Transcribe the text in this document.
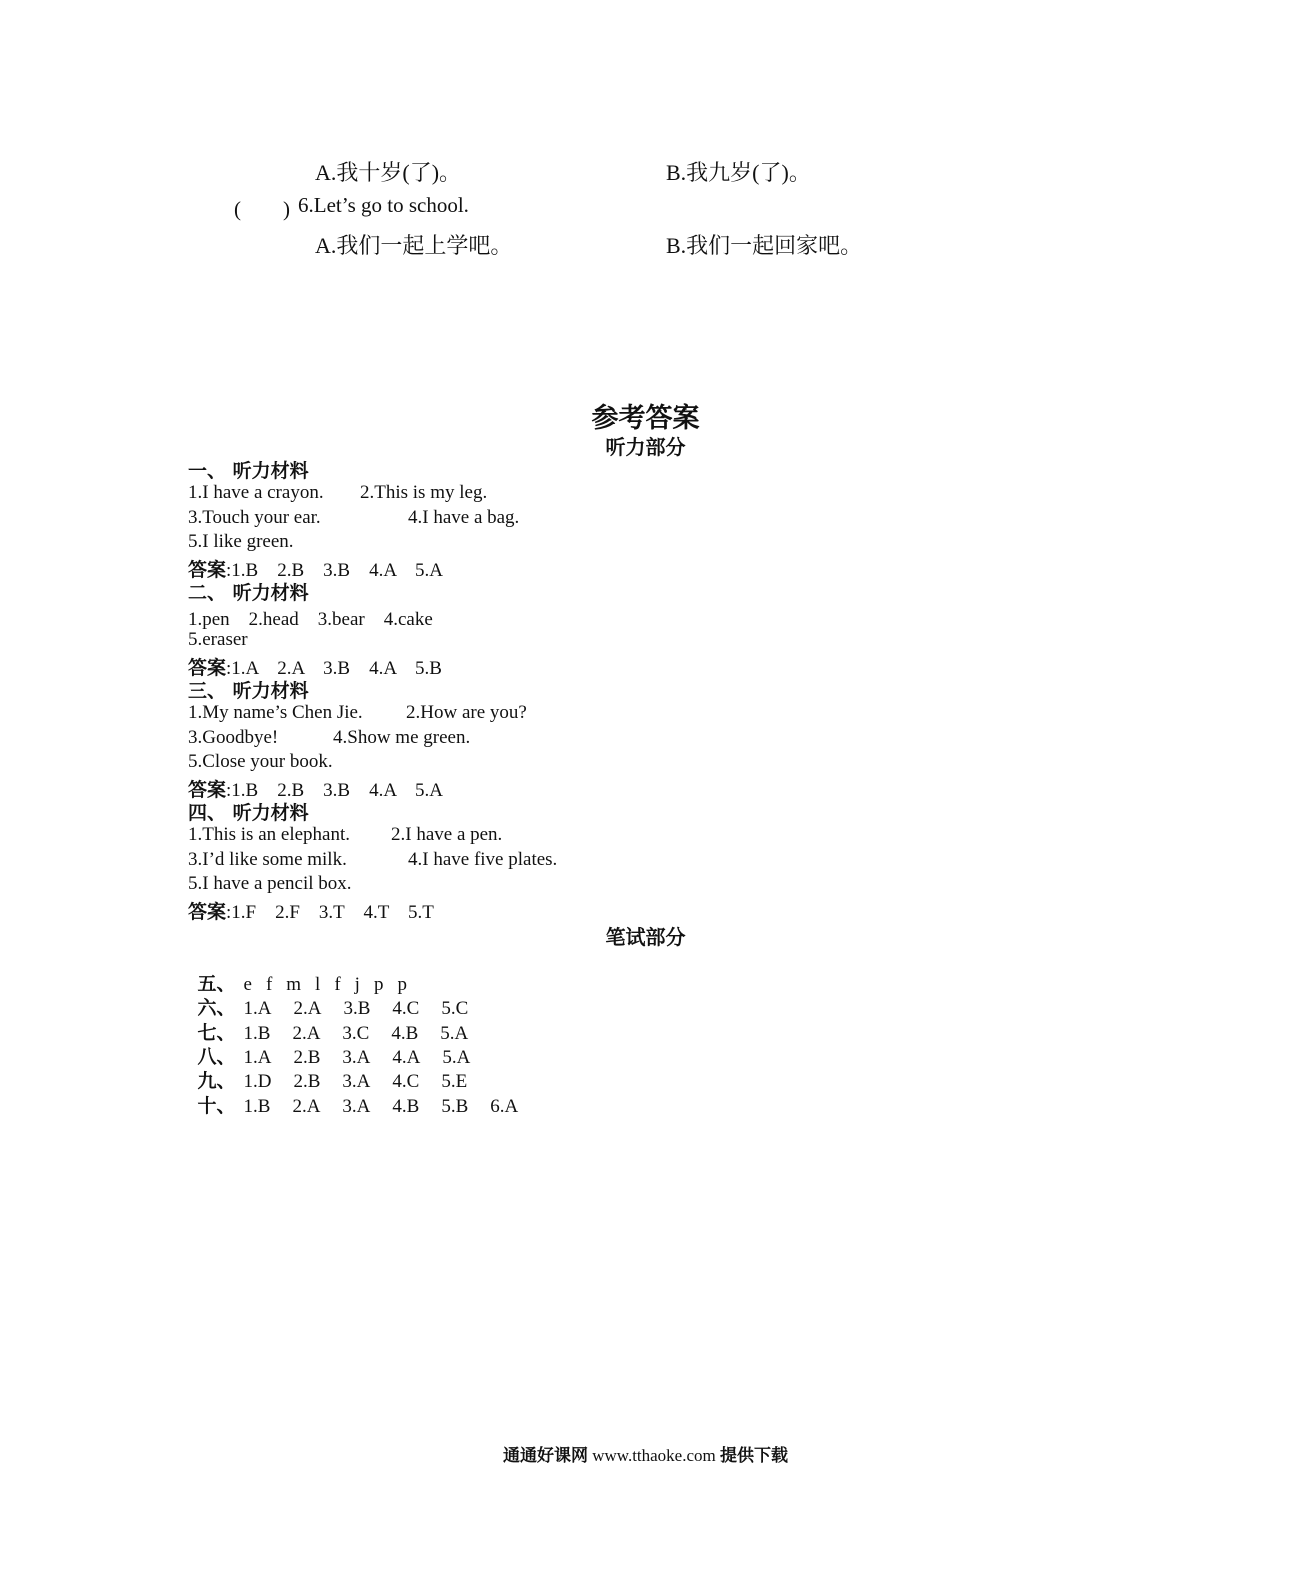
A.我十岁(了)。	B.我九岁(了)。
(　　) 6.Let’s go to school.
A.我们一起上学吧。	B.我们一起回家吧。
参考答案
听力部分
一、 听力材料
1.I have a crayon. 2.This is my leg.
3.Touch your ear.	4.I have a bag.
5.I like green.
答案:1.B　2.B　3.B　4.A　5.A
二、 听力材料
1.pen　2.head　3.bear　4.cake
5.eraser
答案:1.A　2.A　3.B　4.A　5.B
三、 听力材料
1.My name’s Chen Jie. 2.How are you?
3.Goodbye!	4.Show me green.
5.Close your book.
答案:1.B　2.B　3.B　4.A　5.A
四、 听力材料
1.This is an elephant. 2.I have a pen.
3.I’d like some milk.	4.I have five plates.
5.I have a pencil box.
答案:1.F　2.F　3.T　4.T　5.T
笔试部分

五、 e f m l f j p p

六、 1.A 2.A 3.B 4.C 5.C

七、 1.B 2.A 3.C 4.B 5.A

八、 1.A 2.B 3.A 4.A 5.A

九、 1.D 2.B 3.A 4.C 5.E

十、 1.B 2.A 3.A 4.B 5.B 6.A

通通好课网 www.tthaoke.com 提供下载
